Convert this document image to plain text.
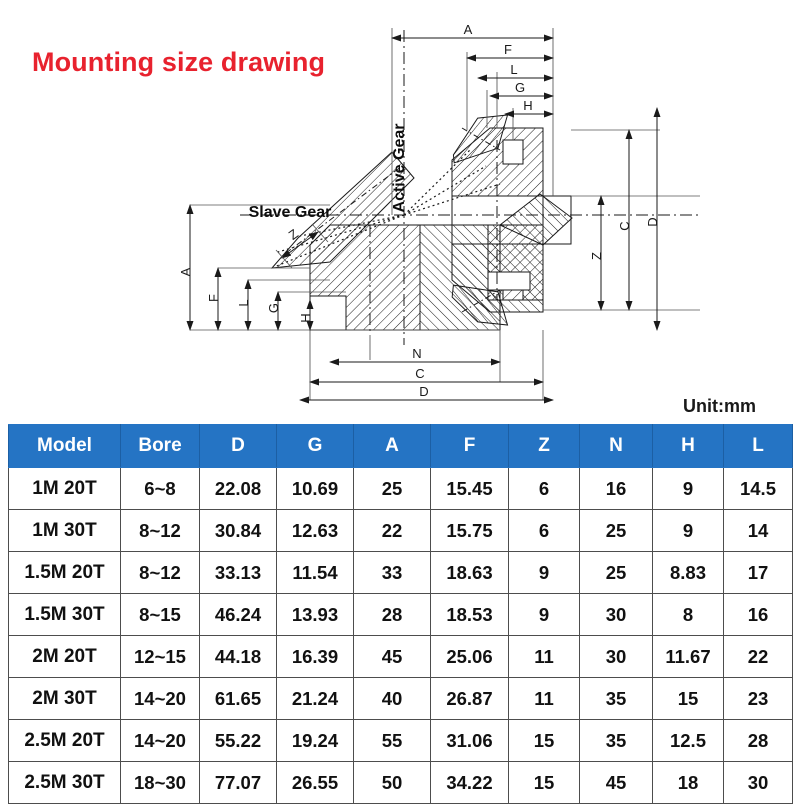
Mounting size drawing
A
F
L
G
H
Z
C D
A
F
L G
H
N
C
D
Z
Active Gear
Slave Gear
Unit:mm
Model	Bore	D	G	A	F	Z	N	H	L
1M 20T	6~8	22.08	10.69	25	15.45	6	16	9	14.5
1M 30T	8~12	30.84	12.63	22	15.75	6	25	9	14
1.5M 20T	8~12	33.13	11.54	33	18.63	9	25	8.83	17
1.5M 30T	8~15	46.24	13.93	28	18.53	9	30	8	16
2M 20T	12~15	44.18	16.39	45	25.06	11	30	11.67	22
2M 30T	14~20	61.65	21.24	40	26.87	11	35	15	23
2.5M 20T	14~20	55.22	19.24	55	31.06	15	35	12.5	28
2.5M 30T	18~30	77.07	26.55	50	34.22	15	45	18	30
